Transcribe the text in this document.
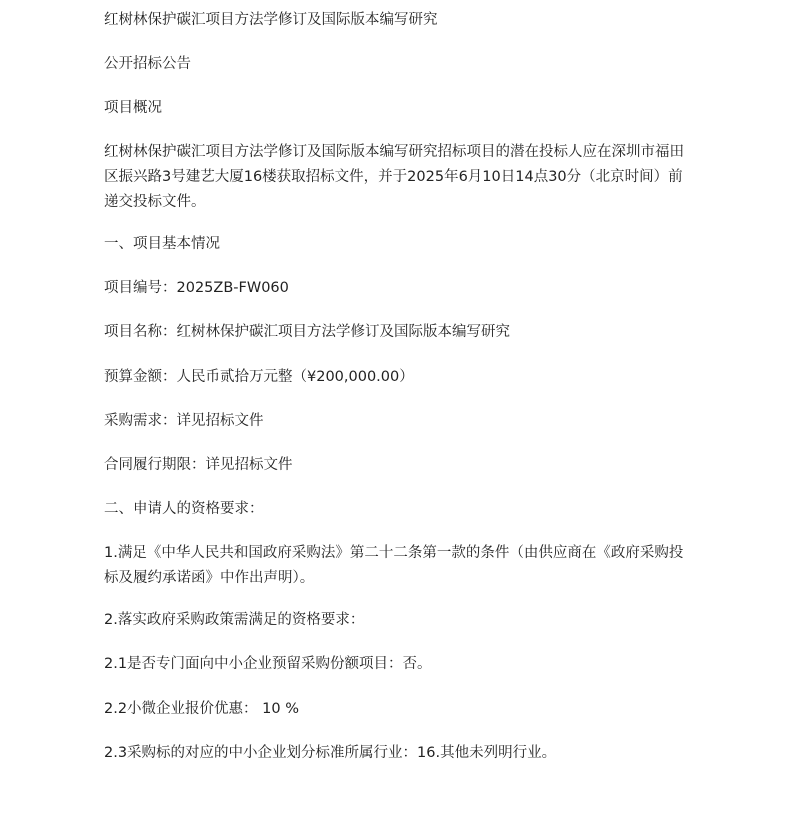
红树林保护碳汇项目方法学修订及国际版本编写研究
公开招标公告
项目概况
红树林保护碳汇项目方法学修订及国际版本编写研究招标项目的潜在投标人应在深圳市福田区振兴路3号建艺大厦16楼获取招标文件，并于2025年6月10日14点30分（北京时间）前递交投标文件。
一、项目基本情况
项目编号：2025ZB-FW060
项目名称：红树林保护碳汇项目方法学修订及国际版本编写研究
预算金额：人民币贰拾万元整（¥200,000.00）
采购需求：详见招标文件
合同履行期限：详见招标文件
二、申请人的资格要求：
1.满足《中华人民共和国政府采购法》第二十二条第一款的条件（由供应商在《政府采购投标及履约承诺函》中作出声明）。
2.落实政府采购政策需满足的资格要求：
2.1是否专门面向中小企业预留采购份额项目：否。
2.2小微企业报价优惠： 10 %
2.3采购标的对应的中小企业划分标准所属行业：16.其他未列明行业。
